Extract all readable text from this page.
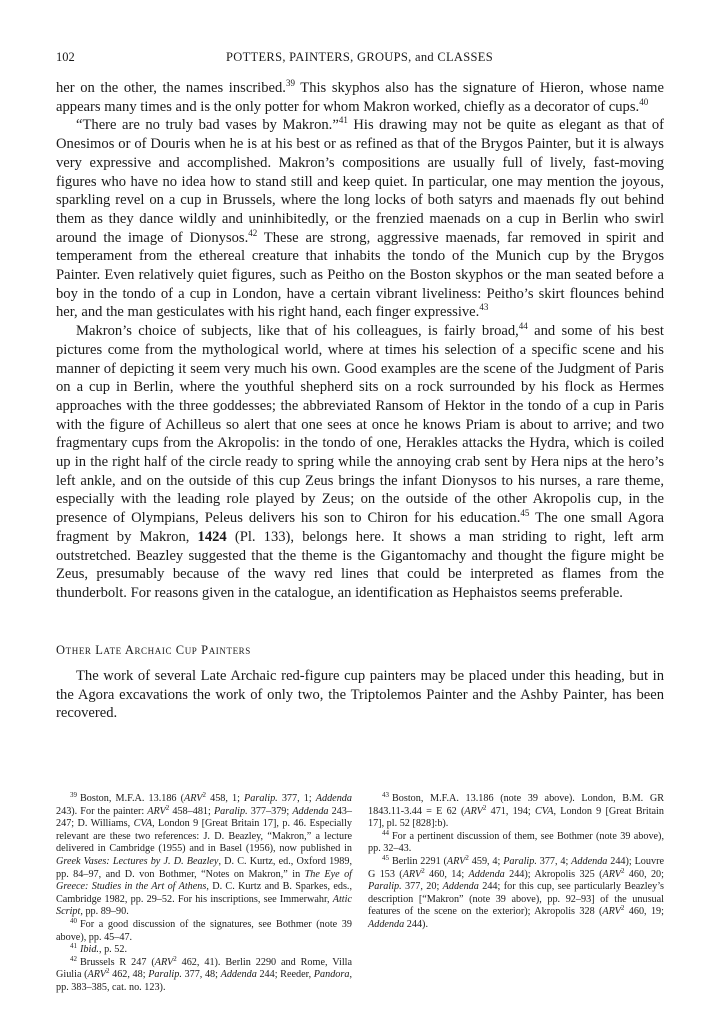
102	POTTERS, PAINTERS, GROUPS, and CLASSES

her on the other, the names inscribed.$^{39}$ This skyphos also has the signature of Hieron, whose name appears many times and is the only potter for whom Makron worked, chiefly as a decorator of cups.$^{40}$

“There are no truly bad vases by Makron.”$^{41}$ His drawing may not be quite as elegant as that of Onesimos or of Douris when he is at his best or as refined as that of the Brygos Painter, but it is always very expressive and accomplished. Makron’s compositions are usually full of lively, fast-moving figures who have no idea how to stand still and keep quiet. In particular, one may mention the joyous, sparkling revel on a cup in Brussels, where the long locks of both satyrs and maenads fly out behind them as they dance wildly and uninhibitedly, or the frenzied maenads on a cup in Berlin who swirl around the image of Dionysos.$^{42}$ These are strong, aggressive maenads, far removed in spirit and temperament from the ethereal creature that inhabits the tondo of the Munich cup by the Brygos Painter. Even relatively quiet figures, such as Peitho on the Boston skyphos or the man seated before a boy in the tondo of a cup in London, have a certain vibrant liveliness: Peitho’s skirt flounces behind her, and the man gesticulates with his right hand, each finger expressive.$^{43}$

Makron’s choice of subjects, like that of his colleagues, is fairly broad,$^{44}$ and some of his best pictures come from the mythological world, where at times his selection of a specific scene and his manner of depicting it seem very much his own. Good examples are the scene of the Judgment of Paris on a cup in Berlin, where the youthful shepherd sits on a rock surrounded by his flock as Hermes approaches with the three goddesses; the abbreviated Ransom of Hektor in the tondo of a cup in Paris with the figure of Achilleus so alert that one sees at once he knows Priam is about to arrive; and two fragmentary cups from the Akropolis: in the tondo of one, Herakles attacks the Hydra, which is coiled up in the right half of the circle ready to spring while the annoying crab sent by Hera nips at the hero’s left ankle, and on the outside of this cup Zeus brings the infant Dionysos to his nurses, a rare theme, especially with the leading role played by Zeus; on the outside of the other Akropolis cup, in the presence of Olympians, Peleus delivers his son to Chiron for his education.$^{45}$ The one small Agora fragment by Makron, 1424 (Pl. 133), belongs here. It shows a man striding to right, left arm outstretched. Beazley suggested that the theme is the Gigantomachy and thought the figure might be Zeus, presumably because of the wavy red lines that could be interpreted as flames from the thunderbolt. For reasons given in the catalogue, an identification as Hephaistos seems preferable.

Other Late Archaic Cup Painters

The work of several Late Archaic red-figure cup painters may be placed under this heading, but in the Agora excavations the work of only two, the Triptolemos Painter and the Ashby Painter, has been recovered.

$^{39}$ Boston, M.F.A. 13.186 (ARV$^2$ 458, 1; Paralip. 377, 1; Addenda 243). For the painter: ARV$^2$ 458–481; Paralip. 377–379; Addenda 243–247; D. Williams, CVA, London 9 [Great Britain 17], p. 46. Especially relevant are these two references: J. D. Beazley, “Makron,” a lecture delivered in Cambridge (1955) and in Basel (1956), now published in Greek Vases: Lectures by J. D. Beazley, D. C. Kurtz, ed., Oxford 1989, pp. 84–97, and D. von Bothmer, “Notes on Makron,” in The Eye of Greece: Studies in the Art of Athens, D. C. Kurtz and B. Sparkes, eds., Cambridge 1982, pp. 29–52. For his inscriptions, see Immerwahr, Attic Script, pp. 89–90.

$^{40}$ For a good discussion of the signatures, see Bothmer (note 39 above), pp. 45–47.

$^{41}$ Ibid., p. 52.

$^{42}$ Brussels R 247 (ARV$^2$ 462, 41). Berlin 2290 and Rome, Villa Giulia (ARV$^2$ 462, 48; Paralip. 377, 48; Addenda 244; Reeder, Pandora, pp. 383–385, cat. no. 123).

$^{43}$ Boston, M.F.A. 13.186 (note 39 above). London, B.M. GR 1843.11-3.44 = E 62 (ARV$^2$ 471, 194; CVA, London 9 [Great Britain 17], pl. 52 [828]:b).

$^{44}$ For a pertinent discussion of them, see Bothmer (note 39 above), pp. 32–43.

$^{45}$ Berlin 2291 (ARV$^2$ 459, 4; Paralip. 377, 4; Addenda 244); Louvre G 153 (ARV$^2$ 460, 14; Addenda 244); Akropolis 325 (ARV$^2$ 460, 20; Paralip. 377, 20; Addenda 244; for this cup, see particularly Beazley’s description [“Makron” (note 39 above), pp. 92–93] of the unusual features of the scene on the exterior); Akropolis 328 (ARV$^2$ 460, 19; Addenda 244).
